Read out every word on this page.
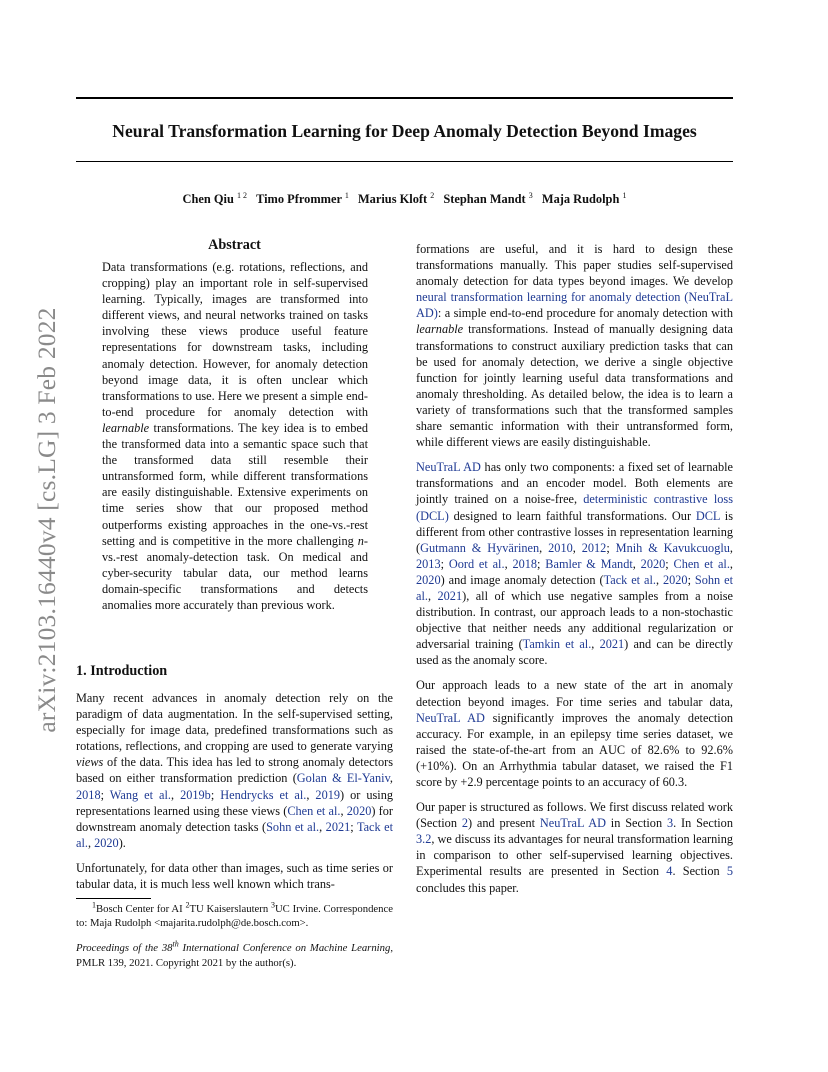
Neural Transformation Learning for Deep Anomaly Detection Beyond Images
Chen Qiu $^{1 2}$ Timo Pfrommer $^1$ Marius Kloft $^2$ Stephan Mandt $^3$ Maja Rudolph $^1$
arXiv:2103.16440v4 [cs.LG] 3 Feb 2022
Abstract

Data transformations (e.g. rotations, reflections, and cropping) play an important role in self-supervised learning. Typically, images are transformed into different views, and neural networks trained on tasks involving these views produce useful feature representations for downstream tasks, including anomaly detection. However, for anomaly detection beyond image data, it is often unclear which transformations to use. Here we present a simple end-to-end procedure for anomaly detection with learnable transformations. The key idea is to embed the transformed data into a semantic space such that the transformed data still resemble their untransformed form, while different transformations are easily distinguishable. Extensive experiments on time series show that our proposed method outperforms existing approaches in the one-vs.-rest setting and is competitive in the more challenging n-vs.-rest anomaly-detection task. On medical and cyber-security tabular data, our method learns domain-specific transformations and detects anomalies more accurately than previous work.

1. Introduction

Many recent advances in anomaly detection rely on the paradigm of data augmentation. In the self-supervised setting, especially for image data, predefined transformations such as rotations, reflections, and cropping are used to generate varying views of the data. This idea has led to strong anomaly detectors based on either transformation prediction (Golan & El-Yaniv, 2018; Wang et al., 2019b; Hendrycks et al., 2019) or using representations learned using these views (Chen et al., 2020) for downstream anomaly detection tasks (Sohn et al., 2021; Tack et al., 2020).

Unfortunately, for data other than images, such as time series or tabular data, it is much less well known which trans-

$^1$Bosch Center for AI $^2$TU Kaiserslautern $^3$UC Irvine. Correspondence to: Maja Rudolph <majarita.rudolph@de.bosch.com>.
Proceedings of the 38th International Conference on Machine Learning, PMLR 139, 2021. Copyright 2021 by the author(s).

formations are useful, and it is hard to design these transformations manually. This paper studies self-supervised anomaly detection for data types beyond images. We develop neural transformation learning for anomaly detection (NeuTraL AD): a simple end-to-end procedure for anomaly detection with learnable transformations. Instead of manually designing data transformations to construct auxiliary prediction tasks that can be used for anomaly detection, we derive a single objective function for jointly learning useful data transformations and anomaly thresholding. As detailed below, the idea is to learn a variety of transformations such that the transformed samples share semantic information with their untransformed form, while different views are easily distinguishable.

NeuTraL AD has only two components: a fixed set of learnable transformations and an encoder model. Both elements are jointly trained on a noise-free, deterministic contrastive loss (DCL) designed to learn faithful transformations. Our DCL is different from other contrastive losses in representation learning (Gutmann & Hyvärinen, 2010, 2012; Mnih & Kavukcuoglu, 2013; Oord et al., 2018; Bamler & Mandt, 2020; Chen et al., 2020) and image anomaly detection (Tack et al., 2020; Sohn et al., 2021), all of which use negative samples from a noise distribution. In contrast, our approach leads to a non-stochastic objective that neither needs any additional regularization or adversarial training (Tamkin et al., 2021) and can be directly used as the anomaly score.

Our approach leads to a new state of the art in anomaly detection beyond images. For time series and tabular data, NeuTraL AD significantly improves the anomaly detection accuracy. For example, in an epilepsy time series dataset, we raised the state-of-the-art from an AUC of 82.6% to 92.6% (+10%). On an Arrhythmia tabular dataset, we raised the F1 score by +2.9 percentage points to an accuracy of 60.3.

Our paper is structured as follows. We first discuss related work (Section 2) and present NeuTraL AD in Section 3. In Section 3.2, we discuss its advantages for neural transformation learning in comparison to other self-supervised learning objectives. Experimental results are presented in Section 4. Section 5 concludes this paper.
